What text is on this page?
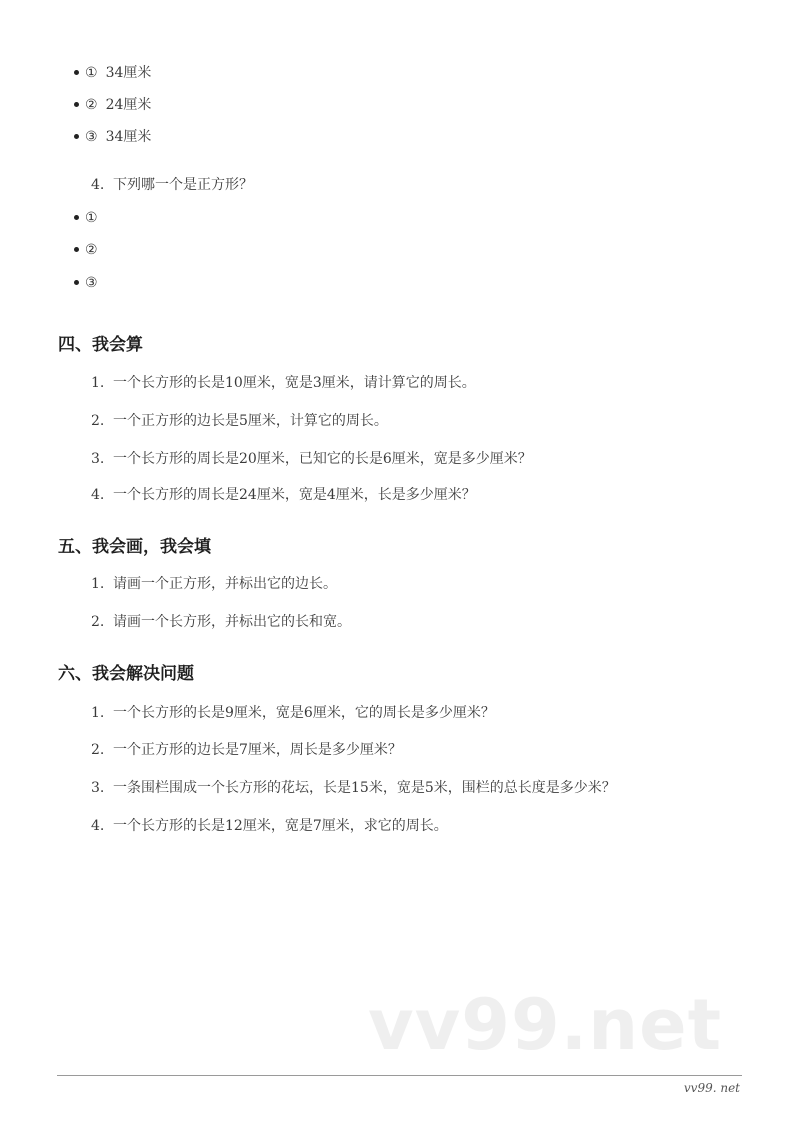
① 34厘米
② 24厘米
③ 34厘米
4. 下列哪一个是正方形？
①
②
③
四、我会算
1. 一个长方形的长是10厘米，宽是3厘米，请计算它的周长。
2. 一个正方形的边长是5厘米，计算它的周长。
3. 一个长方形的周长是20厘米，已知它的长是6厘米，宽是多少厘米？
4. 一个长方形的周长是24厘米，宽是4厘米，长是多少厘米？
五、我会画，我会填
1. 请画一个正方形，并标出它的边长。
2. 请画一个长方形，并标出它的长和宽。
六、我会解决问题
1. 一个长方形的长是9厘米，宽是6厘米，它的周长是多少厘米？
2. 一个正方形的边长是7厘米，周长是多少厘米？
3. 一条围栏围成一个长方形的花坛，长是15米，宽是5米，围栏的总长度是多少米？
4. 一个长方形的长是12厘米，宽是7厘米，求它的周长。
vv99.net
vv99. net
